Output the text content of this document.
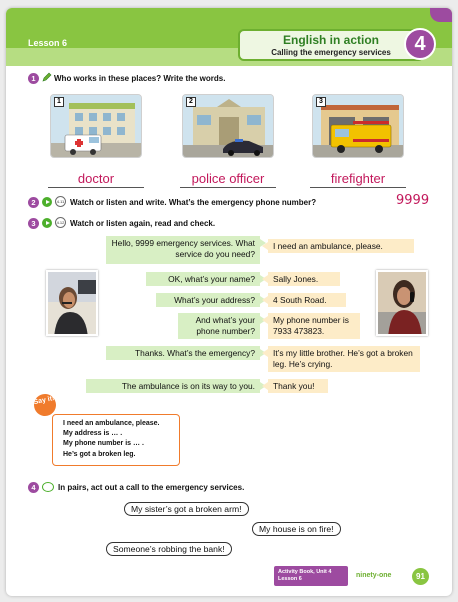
Lesson 6	English in action
Calling the emergency services	4
1	Who works in these places? Write the words.
1	2	3
doctor	police officer	firefighter
2	4.11 Watch or listen and write. What’s the emergency phone number?	9999
3	4.12 Watch or listen again, read and check.
Hello, 9999 emergency services. What service do you need?
I need an ambulance, please.
OK, what’s your name?	Sally Jones.
What’s your address?	4 South Road.
And what’s your phone number?
My phone number is 7933 473823.
Thanks. What’s the emergency?	It’s my little brother. He’s got a broken leg. He’s crying.
The ambulance is on its way to you.	Thank you!
I need an ambulance, please.
My address is … .
My phone number is … .
He’s got a broken leg.
Say it!
4	In pairs, act out a call to the emergency services.
My sister’s got a broken arm!
My house is on fire!
Someone’s robbing the bank!
Activity Book, Unit 4
Lesson 6	ninety-one	91
